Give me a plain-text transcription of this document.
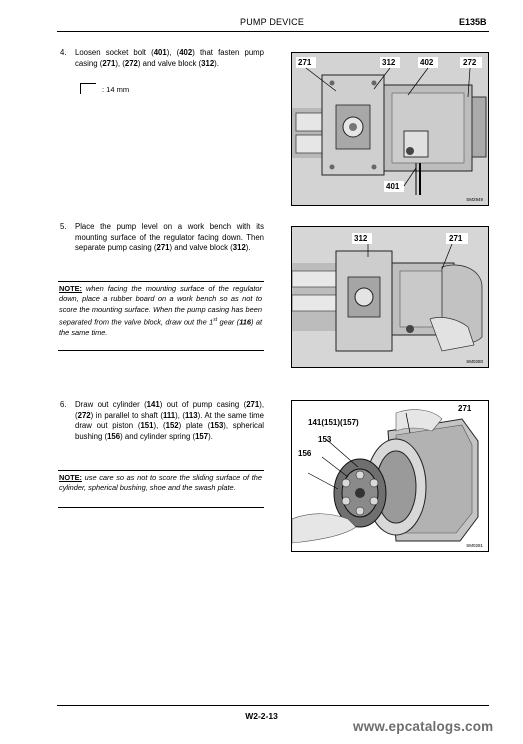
PUMP DEVICE	E135B
4. Loosen socket bolt (401), (402) that fasten pump casing (271), (272) and valve block (312).
: 14 mm
271	312	402	272
401
SM2949
5. Place the pump level on a work bench with its mounting surface of the regulator facing down. Then separate pump casing (271) and valve block (312).
NOTE: when facing the mounting surface of the regulator down, place a rubber board on a work bench so as not to score the mounting surface. When the pump casing has been separated from the valve block, draw out the 1st gear (116) at the same time.
312	271
SM0280
6. Draw out cylinder (141) out of pump casing (271), (272) in parallel to shaft (111), (113). At the same time draw out piston (151), (152) plate (153), spherical bushing (156) and cylinder spring (157).
NOTE: use care so as not to score the sliding surface of the cylinder, spherical bushing, shoe and the swash plate.
271
141(151)(157)
153
156
SM0281
W2-2-13
www.epcatalogs.com
